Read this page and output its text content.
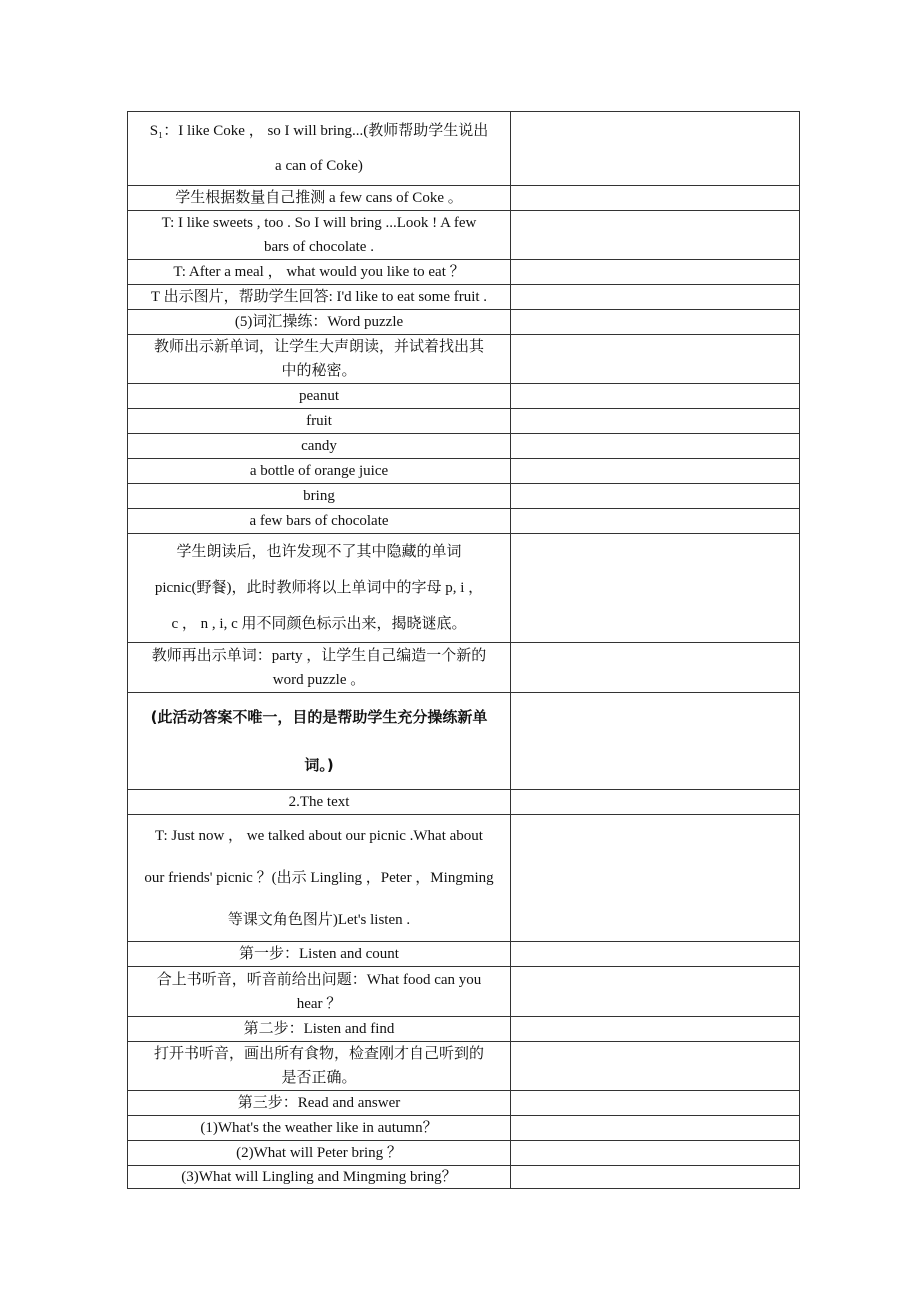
S₁：I like Coke ， so I will bring...(教师帮助学生说出
a can of Coke)	

学生根据数量自己推测 a few cans of Coke 。	

T: I like sweets , too . So I will bring ...Look ! A few
bars of chocolate .	

T: After a meal ， what would you like to eat ？	

T 出示图片，帮助学生回答: I'd like to eat some fruit .	

(5)词汇操练：Word puzzle	

教师出示新单词，让学生大声朗读，并试着找出其
中的秘密。	

peanut	

fruit	

candy	

a bottle of orange juice	

bring	

a few bars of chocolate	

学生朗读后，也许发现不了其中隐藏的单词
picnic(野餐)，此时教师将以上单词中的字母 p, i ，
c ， n , i, c 用不同颜色标示出来，揭晓谜底。	

教师再出示单词：party ，让学生自己编造一个新的
word puzzle 。	

(此活动答案不唯一，目的是帮助学生充分操练新单
词。)	

2.The text	

T: Just now ， we talked about our picnic .What about
our friends' picnic ？(出示 Lingling ，Peter ，Mingming
等课文角色图片)Let's listen .	

第一步：Listen and count	

合上书听音，听音前给出问题：What food can you
hear ？	

第二步：Listen and find	

打开书听音，画出所有食物，检查刚才自己听到的
是否正确。	

第三步：Read and answer	

(1)What's the weather like in autumn？	

(2)What will Peter bring ？	

(3)What will Lingling and Mingming bring？	
